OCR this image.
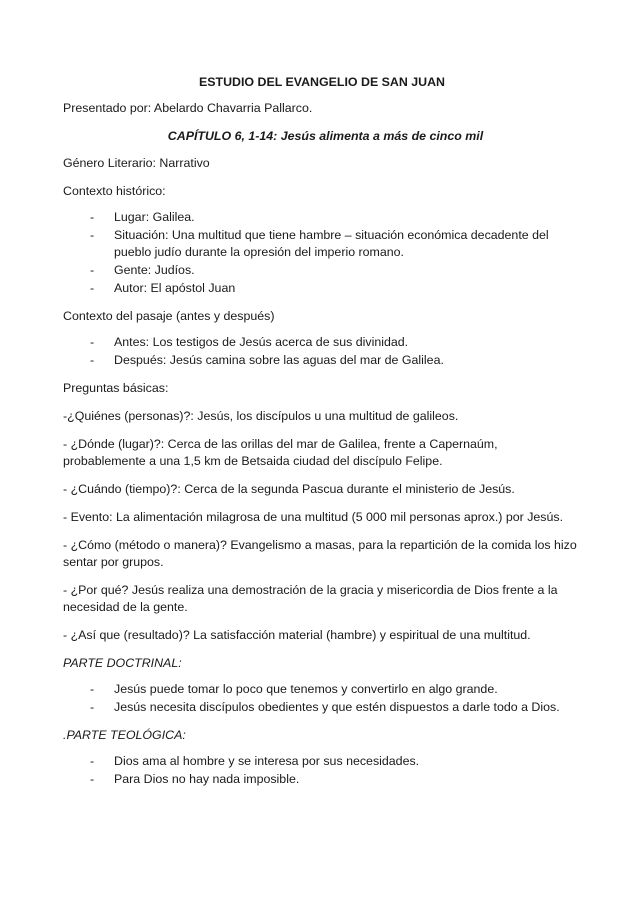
ESTUDIO DEL EVANGELIO DE SAN JUAN

Presentado por: Abelardo Chavarria Pallarco.

CAPÍTULO 6, 1-14: Jesús alimenta a más de cinco mil

Género Literario: Narrativo

Contexto histórico:

- Lugar: Galilea.
- Situación: Una multitud que tiene hambre – situación económica decadente del pueblo judío durante la opresión del imperio romano.
- Gente: Judíos.
- Autor: El apóstol Juan

Contexto del pasaje (antes y después)

- Antes: Los testigos de Jesús acerca de sus divinidad.
- Después: Jesús camina sobre las aguas del mar de Galilea.

Preguntas básicas:

-¿Quiénes (personas)?: Jesús, los discípulos u una multitud de galileos.

- ¿Dónde (lugar)?: Cerca de las orillas del mar de Galilea, frente a Capernaúm, probablemente a una 1,5 km de Betsaida ciudad del discípulo Felipe.

- ¿Cuándo (tiempo)?: Cerca de la segunda Pascua durante el ministerio de Jesús.

- Evento: La alimentación milagrosa de una multitud (5 000 mil personas aprox.) por Jesús.

- ¿Cómo (método o manera)? Evangelismo a masas, para la repartición de la comida los hizo sentar por grupos.

- ¿Por qué? Jesús realiza una demostración de la gracia y misericordia de Dios frente a la necesidad de la gente.

- ¿Así que (resultado)? La satisfacción material (hambre) y espiritual de una multitud.

PARTE DOCTRINAL:

- Jesús puede tomar lo poco que tenemos y convertirlo en algo grande.
- Jesús necesita discípulos obedientes y que estén dispuestos a darle todo a Dios.

.PARTE TEOLÓGICA:

- Dios ama al hombre y se interesa por sus necesidades.
- Para Dios no hay nada imposible.
